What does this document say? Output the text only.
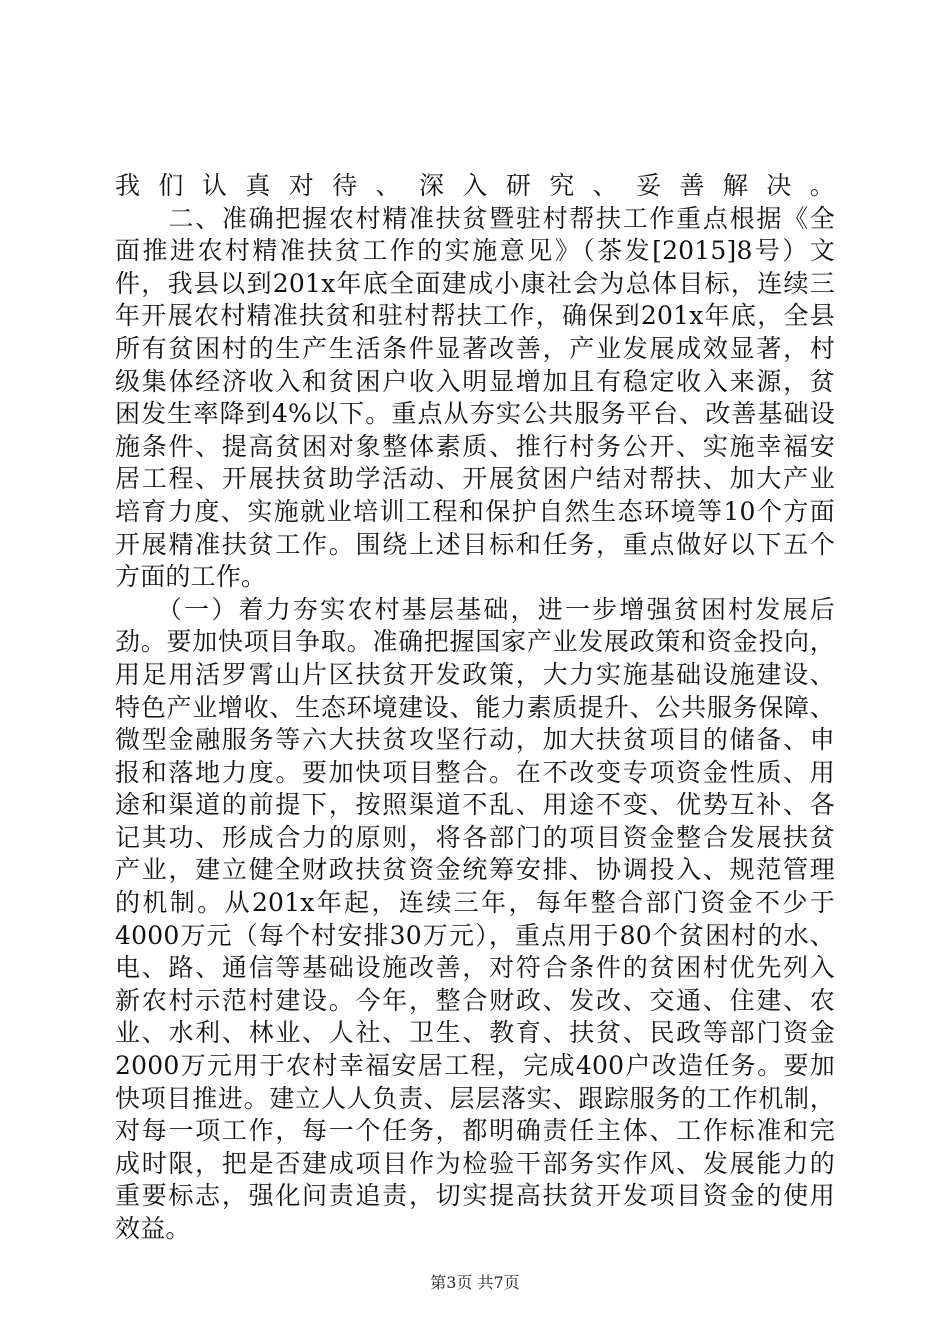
我们认真对待、深入研究、妥善解决。
　　二、准确把握农村精准扶贫暨驻村帮扶工作重点根据《全
面推进农村精准扶贫工作的实施意见》（茶发[2015]8号）文
件，我县以到201x年底全面建成小康社会为总体目标，连续三
年开展农村精准扶贫和驻村帮扶工作，确保到201x年底，全县
所有贫困村的生产生活条件显著改善，产业发展成效显著，村
级集体经济收入和贫困户收入明显增加且有稳定收入来源，贫
困发生率降到4%以下。重点从夯实公共服务平台、改善基础设
施条件、提高贫困对象整体素质、推行村务公开、实施幸福安
居工程、开展扶贫助学活动、开展贫困户结对帮扶、加大产业
培育力度、实施就业培训工程和保护自然生态环境等10个方面
开展精准扶贫工作。围绕上述目标和任务，重点做好以下五个
方面的工作。
　　（一）着力夯实农村基层基础，进一步增强贫困村发展后
劲。要加快项目争取。准确把握国家产业发展政策和资金投向，
用足用活罗霄山片区扶贫开发政策，大力实施基础设施建设、
特色产业增收、生态环境建设、能力素质提升、公共服务保障、
微型金融服务等六大扶贫攻坚行动，加大扶贫项目的储备、申
报和落地力度。要加快项目整合。在不改变专项资金性质、用
途和渠道的前提下，按照渠道不乱、用途不变、优势互补、各
记其功、形成合力的原则，将各部门的项目资金整合发展扶贫
产业，建立健全财政扶贫资金统筹安排、协调投入、规范管理
的机制。从201x年起，连续三年，每年整合部门资金不少于
4000万元（每个村安排30万元），重点用于80个贫困村的水、
电、路、通信等基础设施改善，对符合条件的贫困村优先列入
新农村示范村建设。今年，整合财政、发改、交通、住建、农
业、水利、林业、人社、卫生、教育、扶贫、民政等部门资金
2000万元用于农村幸福安居工程，完成400户改造任务。要加
快项目推进。建立人人负责、层层落实、跟踪服务的工作机制，
对每一项工作，每一个任务，都明确责任主体、工作标准和完
成时限，把是否建成项目作为检验干部务实作风、发展能力的
重要标志，强化问责追责，切实提高扶贫开发项目资金的使用
效益。
第3页 共7页
